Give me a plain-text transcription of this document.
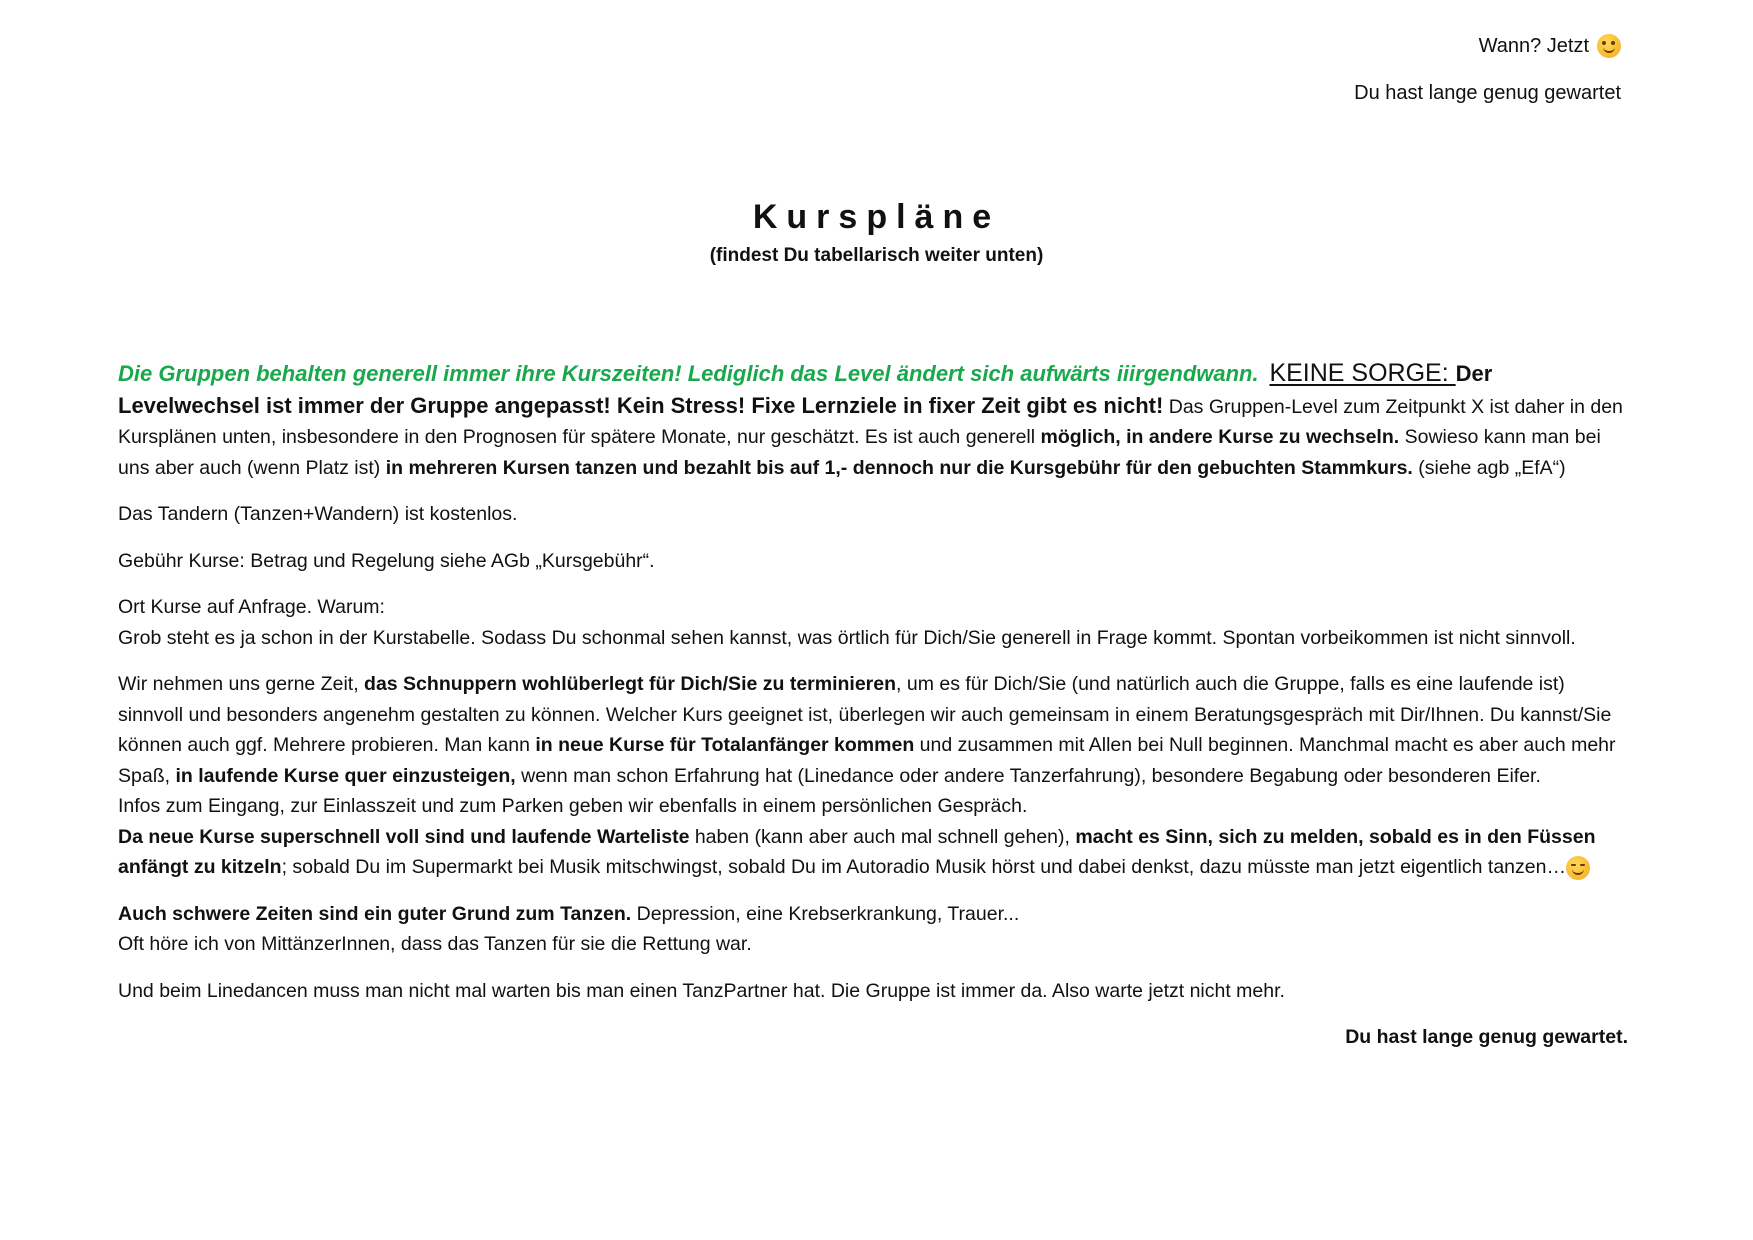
Wann? Jetzt
Du hast lange genug gewartet
Kurspläne
(findest Du tabellarisch weiter unten)

Die Gruppen behalten generell immer ihre Kurszeiten! Lediglich das Level ändert sich aufwärts iiirgendwann. KEINE SORGE: Der Levelwechsel ist immer der Gruppe angepasst! Kein Stress! Fixe Lernziele in fixer Zeit gibt es nicht! Das Gruppen-Level zum Zeitpunkt X ist daher in den Kursplänen unten, insbesondere in den Prognosen für spätere Monate, nur geschätzt. Es ist auch generell möglich, in andere Kurse zu wechseln. Sowieso kann man bei uns aber auch (wenn Platz ist) in mehreren Kursen tanzen und bezahlt bis auf 1,- dennoch nur die Kursgebühr für den gebuchten Stammkurs. (siehe agb „EfA“)

Das Tandern (Tanzen+Wandern) ist kostenlos.

Gebühr Kurse: Betrag und Regelung siehe AGb „Kursgebühr“.

Ort Kurse auf Anfrage. Warum:
Grob steht es ja schon in der Kurstabelle. Sodass Du schonmal sehen kannst, was örtlich für Dich/Sie generell in Frage kommt. Spontan vorbeikommen ist nicht sinnvoll.

Wir nehmen uns gerne Zeit, das Schnuppern wohlüberlegt für Dich/Sie zu terminieren, um es für Dich/Sie (und natürlich auch die Gruppe, falls es eine laufende ist) sinnvoll und besonders angenehm gestalten zu können. Welcher Kurs geeignet ist, überlegen wir auch gemeinsam in einem Beratungsgespräch mit Dir/Ihnen. Du kannst/Sie können auch ggf. Mehrere probieren. Man kann in neue Kurse für Totalanfänger kommen und zusammen mit Allen bei Null beginnen. Manchmal macht es aber auch mehr Spaß, in laufende Kurse quer einzusteigen, wenn man schon Erfahrung hat (Linedance oder andere Tanzerfahrung), besondere Begabung oder besonderen Eifer.
Infos zum Eingang, zur Einlasszeit und zum Parken geben wir ebenfalls in einem persönlichen Gespräch.
Da neue Kurse superschnell voll sind und laufende Warteliste haben (kann aber auch mal schnell gehen), macht es Sinn, sich zu melden, sobald es in den Füssen anfängt zu kitzeln; sobald Du im Supermarkt bei Musik mitschwingst, sobald Du im Autoradio Musik hörst und dabei denkst, dazu müsste man jetzt eigentlich tanzen…

Auch schwere Zeiten sind ein guter Grund zum Tanzen. Depression, eine Krebserkrankung, Trauer...
Oft höre ich von MittänzerInnen, dass das Tanzen für sie die Rettung war.

Und beim Linedancen muss man nicht mal warten bis man einen TanzPartner hat. Die Gruppe ist immer da. Also warte jetzt nicht mehr.

Du hast lange genug gewartet.
